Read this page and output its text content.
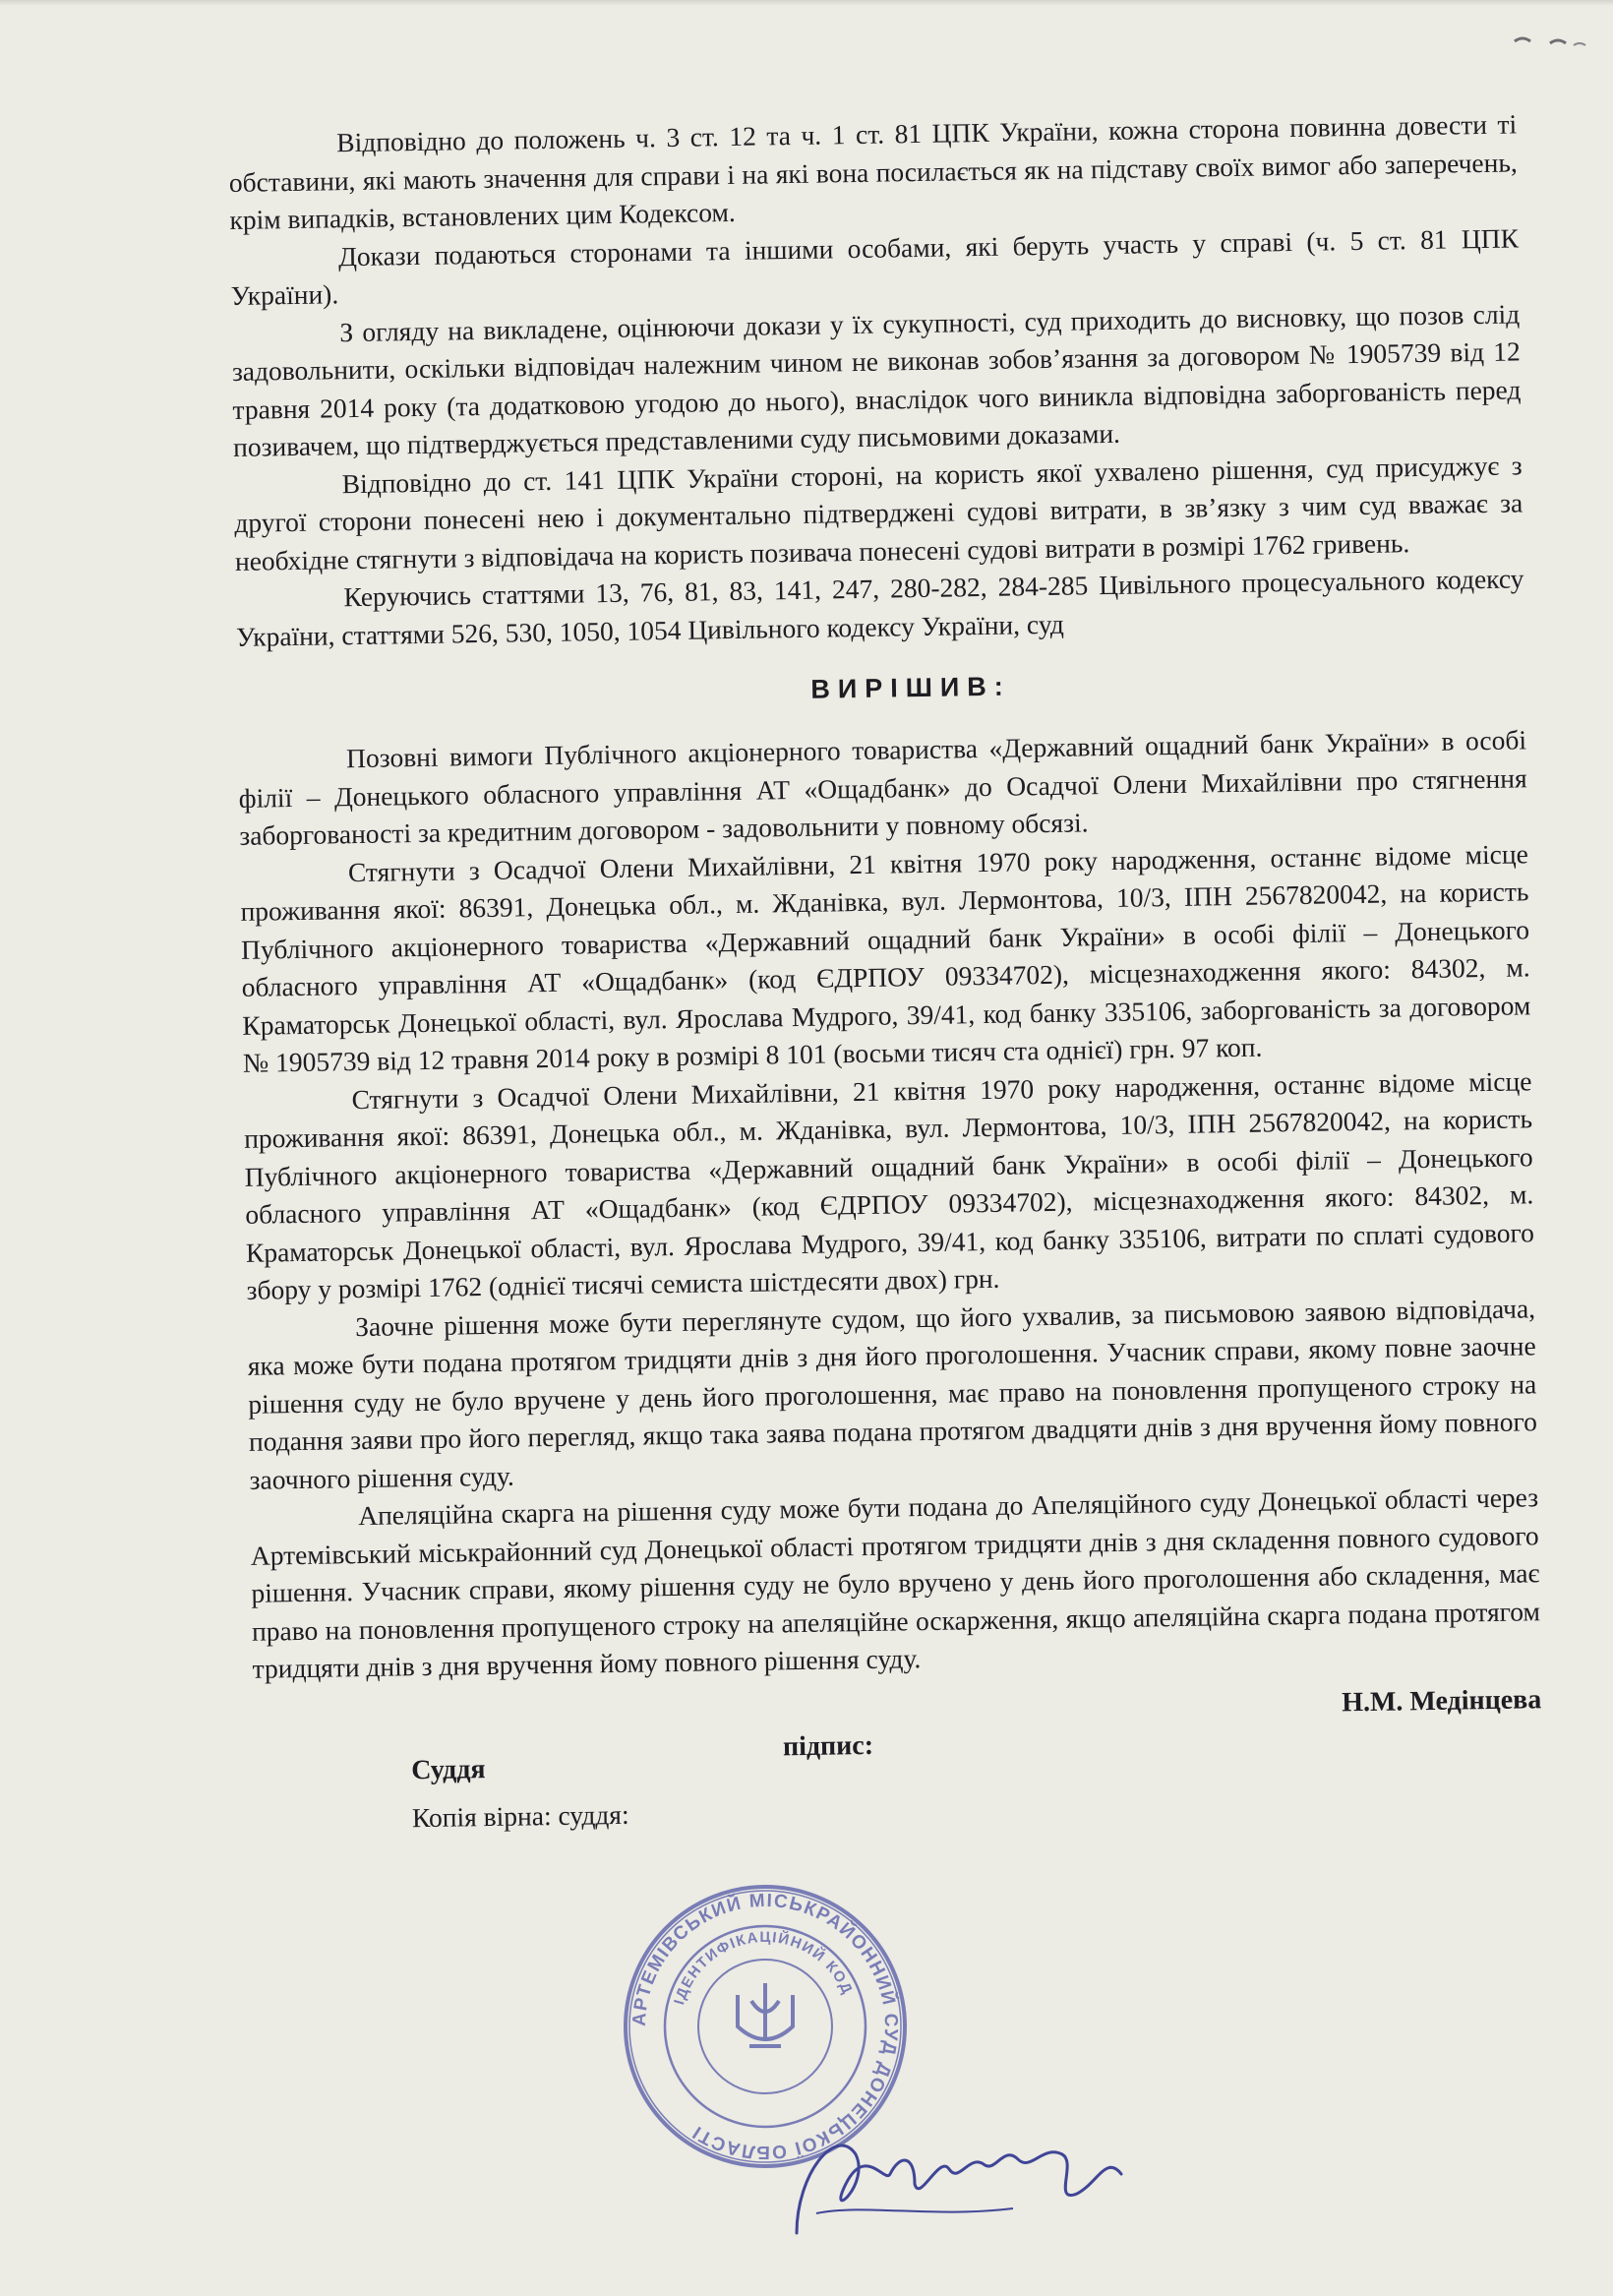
Відповідно до положень ч. 3 ст. 12 та ч. 1 ст. 81 ЦПК України, кожна сторона повинна довести ті обставини, які мають значення для справи і на які вона посилається як на підставу своїх вимог або заперечень, крім випадків, встановлених цим Кодексом.

Докази подаються сторонами та іншими особами, які беруть участь у справі (ч. 5 ст. 81 ЦПК України).

З огляду на викладене, оцінюючи докази у їх сукупності, суд приходить до висновку, що позов слід задовольнити, оскільки відповідач належним чином не виконав зобов’язання за договором № 1905739 від 12 травня 2014 року (та додатковою угодою до нього), внаслідок чого виникла відповідна заборгованість перед позивачем, що підтверджується представленими суду письмовими доказами.

Відповідно до ст. 141 ЦПК України стороні, на користь якої ухвалено рішення, суд присуджує з другої сторони понесені нею і документально підтверджені судові витрати, в зв’язку з чим суд вважає за необхідне стягнути з відповідача на користь позивача понесені судові витрати в розмірі 1762 гривень.

Керуючись статтями 13, 76, 81, 83, 141, 247, 280-282, 284-285 Цивільного процесуального кодексу України, статтями 526, 530, 1050, 1054 Цивільного кодексу України, суд

ВИРІШИВ:

Позовні вимоги Публічного акціонерного товариства «Державний ощадний банк України» в особі філії – Донецького обласного управління АТ «Ощадбанк» до Осадчої Олени Михайлівни про стягнення заборгованості за кредитним договором - задовольнити у повному обсязі.

Стягнути з Осадчої Олени Михайлівни, 21 квітня 1970 року народження, останнє відоме місце проживання якої: 86391, Донецька обл., м. Жданівка, вул. Лермонтова, 10/3, ІПН 2567820042, на користь Публічного акціонерного товариства «Державний ощадний банк України» в особі філії – Донецького обласного управління АТ «Ощадбанк» (код ЄДРПОУ 09334702), місцезнаходження якого: 84302, м. Краматорськ Донецької області, вул. Ярослава Мудрого, 39/41, код банку 335106, заборгованість за договором № 1905739 від 12 травня 2014 року в розмірі 8 101 (восьми тисяч ста однієї) грн. 97 коп.

Стягнути з Осадчої Олени Михайлівни, 21 квітня 1970 року народження, останнє відоме місце проживання якої: 86391, Донецька обл., м. Жданівка, вул. Лермонтова, 10/3, ІПН 2567820042, на користь Публічного акціонерного товариства «Державний ощадний банк України» в особі філії – Донецького обласного управління АТ «Ощадбанк» (код ЄДРПОУ 09334702), місцезнаходження якого: 84302, м. Краматорськ Донецької області, вул. Ярослава Мудрого, 39/41, код банку 335106, витрати по сплаті судового збору у розмірі 1762 (однієї тисячі семиста шістдесяти двох) грн.

Заочне рішення може бути переглянуте судом, що його ухвалив, за письмовою заявою відповідача, яка може бути подана протягом тридцяти днів з дня його проголошення. Учасник справи, якому повне заочне рішення суду не було вручене у день його проголошення, має право на поновлення пропущеного строку на подання заяви про його перегляд, якщо така заява подана протягом двадцяти днів з дня вручення йому повного заочного рішення суду.

Апеляційна скарга на рішення суду може бути подана до Апеляційного суду Донецької області через Артемівський міськрайонний суд Донецької області протягом тридцяти днів з дня складення повного судового рішення. Учасник справи, якому рішення суду не було вручено у день його проголошення або складення, має право на поновлення пропущеного строку на апеляційне оскарження, якщо апеляційна скарга подана протягом тридцяти днів з дня вручення йому повного рішення суду.

Н.М. Медінцева
підпис:
Суддя
Копія вірна: суддя:
АРТЕМІВСЬКИЙ МІСЬКРАЙОННИЙ СУД ДОНЕЦЬКОЇ ОБЛАСТІ
ІДЕНТИФІКАЦІЙНИЙ КОД
